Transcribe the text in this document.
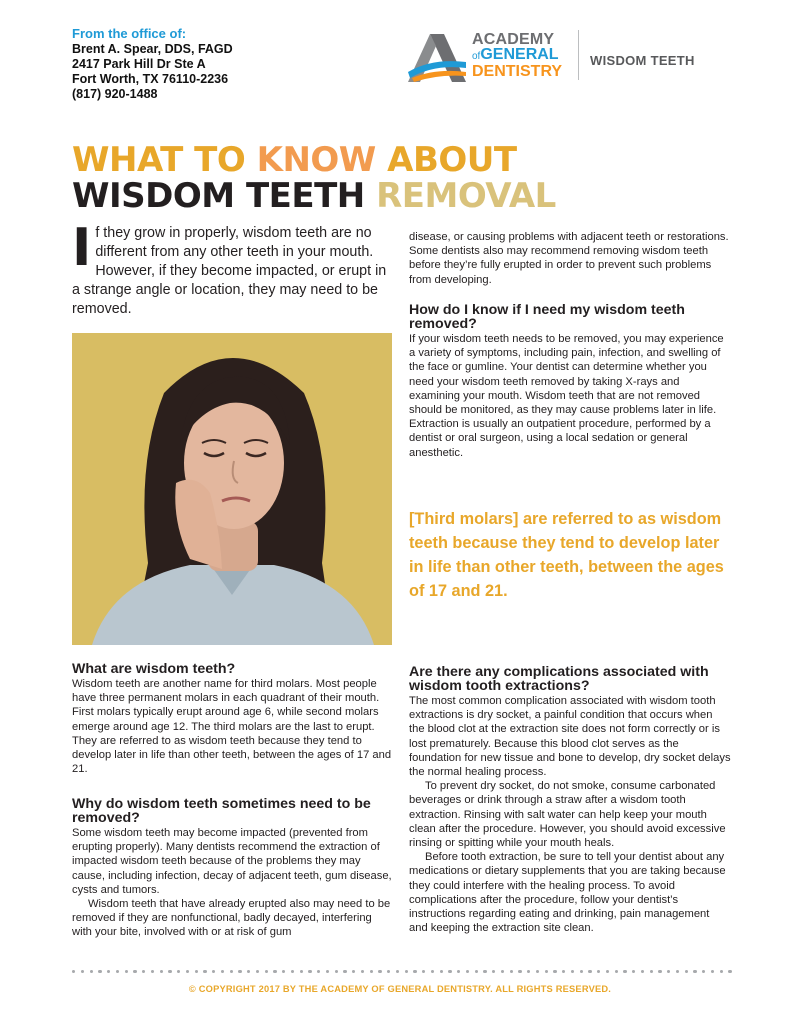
From the office of:
Brent A. Spear, DDS, FAGD
2417 Park Hill Dr Ste A
Fort Worth, TX 76110-2236
(817) 920-1488
ACADEMY
ofGENERAL
DENTISTRY
WISDOM TEETH
WHAT TO KNOW ABOUT
WISDOM TEETH REMOVAL
If they grow in properly, wisdom teeth are no different from any other teeth in your mouth. However, if they become impacted, or erupt in a strange angle or location, they may need to be removed.

disease, or causing problems with adjacent teeth or restorations. Some dentists also may recommend removing wisdom teeth before they’re fully erupted in order to prevent such problems from developing.

How do I know if I need my wisdom teeth removed?

If your wisdom teeth needs to be removed, you may experience a variety of symptoms, including pain, infection, and swelling of the face or gumline. Your dentist can determine whether you need your wisdom teeth removed by taking X-rays and examining your mouth. Wisdom teeth that are not removed should be monitored, as they may cause problems later in life. Extraction is usually an outpatient procedure, performed by a dentist or oral surgeon, using a local sedation or general anesthetic.

[Third molars] are referred to as wisdom teeth because they tend to develop later in life than other teeth, between the ages of 17 and 21.
What are wisdom teeth?

Wisdom teeth are another name for third molars. Most people have three permanent molars in each quadrant of their mouth. First molars typically erupt around age 6, while second molars emerge around age 12. The third molars are the last to erupt. They are referred to as wisdom teeth because they tend to develop later in life than other teeth, between the ages of 17 and 21.

Why do wisdom teeth sometimes need to be removed?

Some wisdom teeth may become impacted (prevented from erupting properly). Many dentists recommend the extraction of impacted wisdom teeth because of the problems they may cause, including infection, decay of adjacent teeth, gum disease, cysts and tumors.

Wisdom teeth that have already erupted also may need to be removed if they are nonfunctional, badly decayed, interfering with your bite, involved with or at risk of gum

Are there any complications associated with wisdom tooth extractions?

The most common complication associated with wisdom tooth extractions is dry socket, a painful condition that occurs when the blood clot at the extraction site does not form correctly or is lost prematurely. Because this blood clot serves as the foundation for new tissue and bone to develop, dry socket delays the normal healing process.

To prevent dry socket, do not smoke, consume carbonated beverages or drink through a straw after a wisdom tooth extraction. Rinsing with salt water can help keep your mouth clean after the procedure. However, you should avoid excessive rinsing or spitting while your mouth heals.

Before tooth extraction, be sure to tell your dentist about any medications or dietary supplements that you are taking because they could interfere with the healing process. To avoid complications after the procedure, follow your dentist’s instructions regarding eating and drinking, pain management and keeping the extraction site clean.

© COPYRIGHT 2017 BY THE ACADEMY OF GENERAL DENTISTRY. ALL RIGHTS RESERVED.
